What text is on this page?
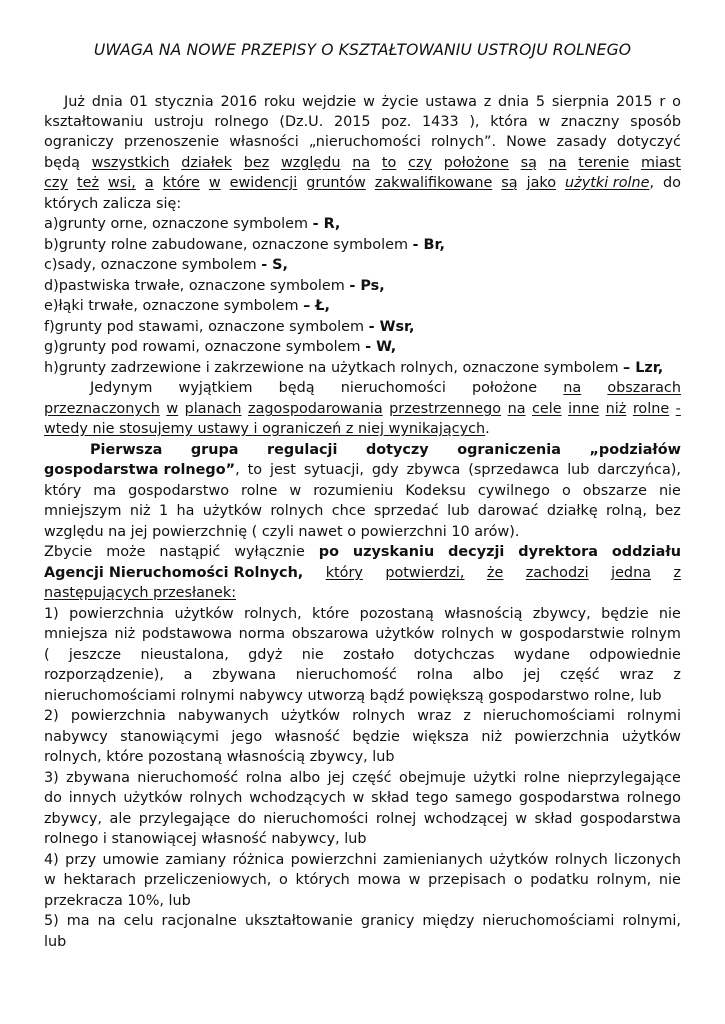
UWAGA NA NOWE PRZEPISY O KSZTAŁTOWANIU USTROJU ROLNEGO
Już dnia 01 stycznia 2016 roku wejdzie w życie ustawa z dnia 5 sierpnia 2015 r o
kształtowaniu ustroju rolnego (Dz.U. 2015 poz. 1433 ), która w znaczny sposób
ograniczy przenoszenie własności „nieruchomości rolnych”. Nowe zasady dotyczyć
będą wszystkich działek bez względu na to czy położone są na terenie miast
czy też wsi, a które w ewidencji gruntów zakwalifikowane są jako użytki rolne, do
których zalicza się:
a)grunty orne, oznaczone symbolem - R,
b)grunty rolne zabudowane, oznaczone symbolem - Br,
c)sady, oznaczone symbolem - S,
d)pastwiska trwałe, oznaczone symbolem - Ps,
e)łąki trwałe, oznaczone symbolem – Ł,
f)grunty pod stawami, oznaczone symbolem - Wsr,
g)grunty pod rowami, oznaczone symbolem - W,
h)grunty zadrzewione i zakrzewione na użytkach rolnych, oznaczone symbolem – Lzr,
Jedynym wyjątkiem będą nieruchomości położone na obszarach
przeznaczonych w planach zagospodarowania przestrzennego na cele inne niż rolne -
wtedy nie stosujemy ustawy i ograniczeń z niej wynikających.
Pierwsza grupa regulacji dotyczy ograniczenia „podziałów
gospodarstwa rolnego”, to jest sytuacji, gdy zbywca (sprzedawca lub darczyńca),
który ma gospodarstwo rolne w rozumieniu Kodeksu cywilnego o obszarze nie
mniejszym niż 1 ha użytków rolnych chce sprzedać lub darować działkę rolną, bez
względu na jej powierzchnię ( czyli nawet o powierzchni 10 arów).
Zbycie może nastąpić wyłącznie po uzyskaniu decyzji dyrektora oddziału
Agencji Nieruchomości Rolnych, który potwierdzi, że zachodzi jedna z
następujących przesłanek:
1) powierzchnia użytków rolnych, które pozostaną własnością zbywcy, będzie nie
mniejsza niż podstawowa norma obszarowa użytków rolnych w gospodarstwie rolnym
( jeszcze nieustalona, gdyż nie zostało dotychczas wydane odpowiednie
rozporządzenie), a zbywana nieruchomość rolna albo jej część wraz z
nieruchomościami rolnymi nabywcy utworzą bądź powiększą gospodarstwo rolne, lub
2) powierzchnia nabywanych użytków rolnych wraz z nieruchomościami rolnymi
nabywcy stanowiącymi jego własność będzie większa niż powierzchnia użytków
rolnych, które pozostaną własnością zbywcy, lub
3) zbywana nieruchomość rolna albo jej część obejmuje użytki rolne nieprzylegające
do innych użytków rolnych wchodzących w skład tego samego gospodarstwa rolnego
zbywcy, ale przylegające do nieruchomości rolnej wchodzącej w skład gospodarstwa
rolnego i stanowiącej własność nabywcy, lub
4) przy umowie zamiany różnica powierzchni zamienianych użytków rolnych liczonych
w hektarach przeliczeniowych, o których mowa w przepisach o podatku rolnym, nie
przekracza 10%, lub
5) ma na celu racjonalne ukształtowanie granicy między nieruchomościami rolnymi,
lub
